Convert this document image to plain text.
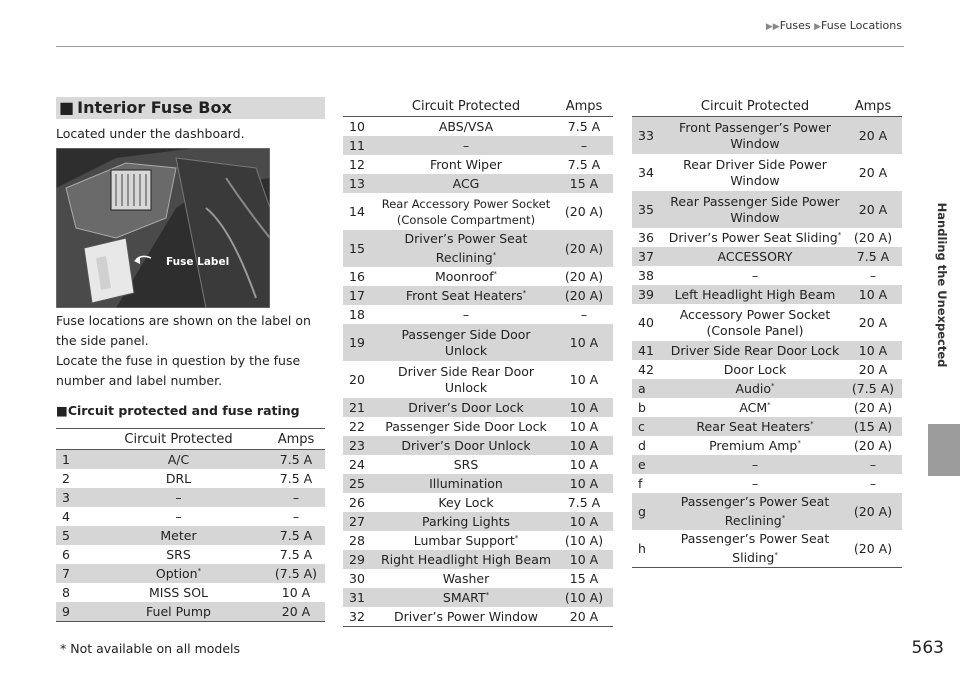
▶▶Fuses ▶Fuse Locations
Handling the Unexpected
■ Interior Fuse Box
Located under the dashboard.
Fuse Label
Fuse locations are shown on the label on
the side panel.
Locate the fuse in question by the fuse
number and label number.
■Circuit protected and fuse rating
	Circuit Protected	Amps
1	A/C	7.5 A
2	DRL	7.5 A
3	–	–
4	–	–
5	Meter	7.5 A
6	SRS	7.5 A
7	Option*	(7.5 A)
8	MISS SOL	10 A
9	Fuel Pump	20 A
	Circuit Protected	Amps
10	ABS/VSA	7.5 A
11	–	–
12	Front Wiper	7.5 A
13	ACG	15 A
14	Rear Accessory Power Socket
(Console Compartment)	(20 A)
15	Driver’s Power Seat
Reclining*	(20 A)
16	Moonroof*	(20 A)
17	Front Seat Heaters*	(20 A)
18	–	–
19	Passenger Side Door
Unlock	10 A
20	Driver Side Rear Door
Unlock	10 A
21	Driver’s Door Lock	10 A
22	Passenger Side Door Lock	10 A
23	Driver’s Door Unlock	10 A
24	SRS	10 A
25	Illumination	10 A
26	Key Lock	7.5 A
27	Parking Lights	10 A
28	Lumbar Support*	(10 A)
29	Right Headlight High Beam	10 A
30	Washer	15 A
31	SMART*	(10 A)
32	Driver’s Power Window	20 A
	Circuit Protected	Amps
33	Front Passenger’s Power
Window	20 A
34	Rear Driver Side Power
Window	20 A
35	Rear Passenger Side Power
Window	20 A
36	Driver’s Power Seat Sliding*	(20 A)
37	ACCESSORY	7.5 A
38	–	–
39	Left Headlight High Beam	10 A
40	Accessory Power Socket
(Console Panel)	20 A
41	Driver Side Rear Door Lock	10 A
42	Door Lock	20 A
a	Audio*	(7.5 A)
b	ACM*	(20 A)
c	Rear Seat Heaters*	(15 A)
d	Premium Amp*	(20 A)
e	–	–
f	–	–
g	Passenger’s Power Seat
Reclining*	(20 A)
h	Passenger’s Power Seat
Sliding*	(20 A)
* Not available on all models	563
